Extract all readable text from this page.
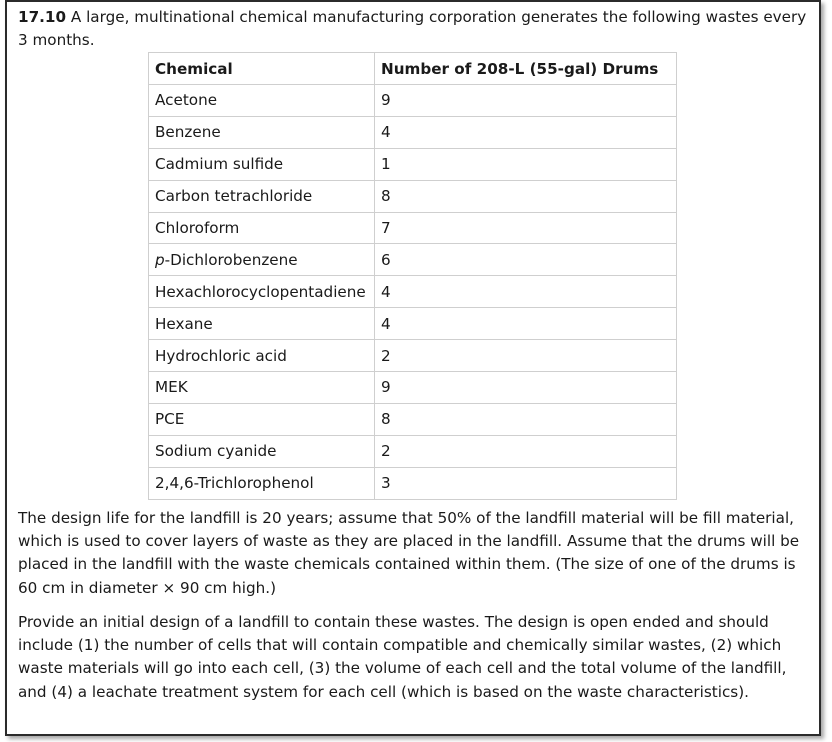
17.10 A large, multinational chemical manufacturing corporation generates the following wastes every 3 months.

Chemical	Number of 208-L (55-gal) Drums
Acetone	9
Benzene	4
Cadmium sulfide	1
Carbon tetrachloride	8
Chloroform	7
p-Dichlorobenzene	6
Hexachlorocyclopentadiene	4
Hexane	4
Hydrochloric acid	2
MEK	9
PCE	8
Sodium cyanide	2
2,4,6-Trichlorophenol	3

The design life for the landfill is 20 years; assume that 50% of the landfill material will be fill material, which is used to cover layers of waste as they are placed in the landfill. Assume that the drums will be placed in the landfill with the waste chemicals contained within them. (The size of one of the drums is 60 cm in diameter × 90 cm high.)

Provide an initial design of a landfill to contain these wastes. The design is open ended and should include (1) the number of cells that will contain compatible and chemically similar wastes, (2) which waste materials will go into each cell, (3) the volume of each cell and the total volume of the landfill, and (4) a leachate treatment system for each cell (which is based on the waste characteristics).
